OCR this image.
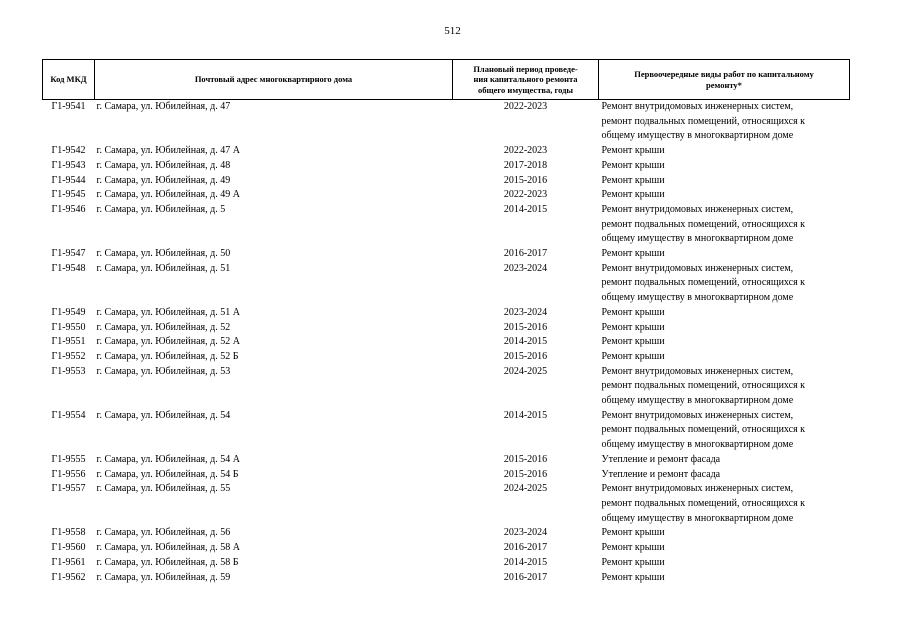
512
Код МКД	Почтовый адрес многоквартирного дома	Плановый период проведе-
ния капитального ремонта
общего имущества, годы	Первоочередные виды работ по капитальному
ремонту*

Г1-9541	г. Самара, ул. Юбилейная, д. 47	2022-2023	Ремонт внутридомовых инженерных систем,
ремонт подвальных помещений, относящихся к
общему имуществу в многоквартирном доме

Г1-9542	г. Самара, ул. Юбилейная, д. 47 А	2022-2023	Ремонт крыши

Г1-9543	г. Самара, ул. Юбилейная, д. 48	2017-2018	Ремонт крыши

Г1-9544	г. Самара, ул. Юбилейная, д. 49	2015-2016	Ремонт крыши

Г1-9545	г. Самара, ул. Юбилейная, д. 49 А	2022-2023	Ремонт крыши

Г1-9546	г. Самара, ул. Юбилейная, д. 5	2014-2015	Ремонт внутридомовых инженерных систем,
ремонт подвальных помещений, относящихся к
общему имуществу в многоквартирном доме

Г1-9547	г. Самара, ул. Юбилейная, д. 50	2016-2017	Ремонт крыши

Г1-9548	г. Самара, ул. Юбилейная, д. 51	2023-2024	Ремонт внутридомовых инженерных систем,
ремонт подвальных помещений, относящихся к
общему имуществу в многоквартирном доме

Г1-9549	г. Самара, ул. Юбилейная, д. 51 А	2023-2024	Ремонт крыши

Г1-9550	г. Самара, ул. Юбилейная, д. 52	2015-2016	Ремонт крыши

Г1-9551	г. Самара, ул. Юбилейная, д. 52 А	2014-2015	Ремонт крыши

Г1-9552	г. Самара, ул. Юбилейная, д. 52 Б	2015-2016	Ремонт крыши

Г1-9553	г. Самара, ул. Юбилейная, д. 53	2024-2025	Ремонт внутридомовых инженерных систем,
ремонт подвальных помещений, относящихся к
общему имуществу в многоквартирном доме

Г1-9554	г. Самара, ул. Юбилейная, д. 54	2014-2015	Ремонт внутридомовых инженерных систем,
ремонт подвальных помещений, относящихся к
общему имуществу в многоквартирном доме

Г1-9555	г. Самара, ул. Юбилейная, д. 54 А	2015-2016	Утепление и ремонт фасада

Г1-9556	г. Самара, ул. Юбилейная, д. 54 Б	2015-2016	Утепление и ремонт фасада

Г1-9557	г. Самара, ул. Юбилейная, д. 55	2024-2025	Ремонт внутридомовых инженерных систем,
ремонт подвальных помещений, относящихся к
общему имуществу в многоквартирном доме

Г1-9558	г. Самара, ул. Юбилейная, д. 56	2023-2024	Ремонт крыши

Г1-9560	г. Самара, ул. Юбилейная, д. 58 А	2016-2017	Ремонт крыши

Г1-9561	г. Самара, ул. Юбилейная, д. 58 Б	2014-2015	Ремонт крыши

Г1-9562	г. Самара, ул. Юбилейная, д. 59	2016-2017	Ремонт крыши
